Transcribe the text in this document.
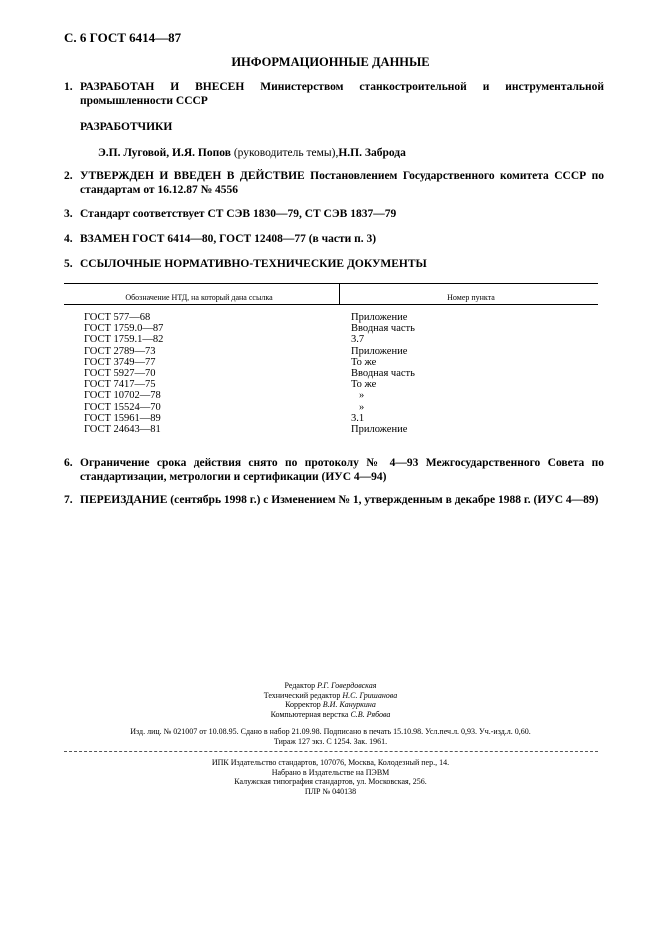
С. 6 ГОСТ 6414—87
ИНФОРМАЦИОННЫЕ ДАННЫЕ
1. РАЗРАБОТАН И ВНЕСЕН Министерством станкостроительной и инструментальной промышленности СССР
РАЗРАБОТЧИКИ
Э.П. Луговой, И.Я. Попов (руководитель темы),Н.П. Заброда
2. УТВЕРЖДЕН И ВВЕДЕН В ДЕЙСТВИЕ Постановлением Государственного комитета СССР по стандартам от 16.12.87 № 4556
3. Стандарт соответствует СТ СЭВ 1830—79, СТ СЭВ 1837—79
4. ВЗАМЕН ГОСТ 6414—80, ГОСТ 12408—77 (в части п. 3)
5. ССЫЛОЧНЫЕ НОРМАТИВНО-ТЕХНИЧЕСКИЕ ДОКУМЕНТЫ
Обозначение НТД, на который дана ссылка	Номер пункта
ГОСТ 577—68
ГОСТ 1759.0—87
ГОСТ 1759.1—82
ГОСТ 2789—73
ГОСТ 3749—77
ГОСТ 5927—70
ГОСТ 7417—75
ГОСТ 10702—78
ГОСТ 15524—70
ГОСТ 15961—89
ГОСТ 24643—81
Приложение
Вводная часть
3.7
Приложение
То же
Вводная часть
То же
»
»
3.1
Приложение
6. Ограничение срока действия снято по протоколу № 4—93 Межгосударственного Совета по стандартизации, метрологии и сертификации (ИУС 4—94)
7. ПЕРЕИЗДАНИЕ (сентябрь 1998 г.) с Изменением № 1, утвержденным в декабре 1988 г. (ИУС 4—89)
Редактор Р.Г. Говердовская
Технический редактор Н.С. Гришанова
Корректор В.И. Кануркина
Компьютерная верстка С.В. Рябова
Изд. лиц. № 021007 от 10.08.95. Сдано в набор 21.09.98. Подписано в печать 15.10.98. Усл.печ.л. 0,93. Уч.-изд.л. 0,60.
Тираж 127 экз. С 1254. Зак. 1961.
ИПК Издательство стандартов, 107076, Москва, Колодезный пер., 14.
Набрано в Издательстве на ПЭВМ
Калужская типография стандартов, ул. Московская, 256.
ПЛР № 040138
